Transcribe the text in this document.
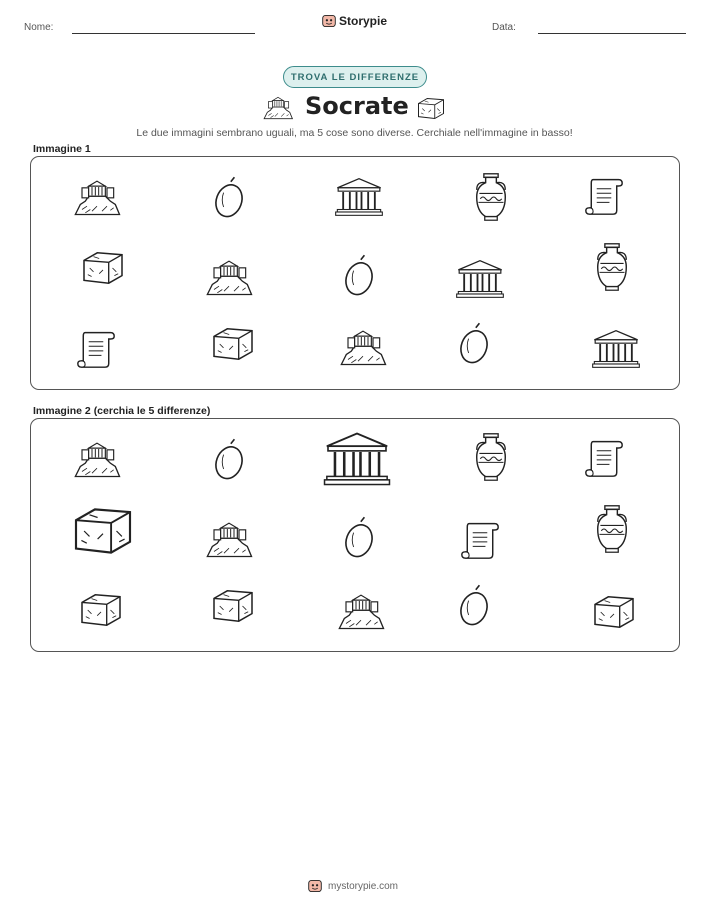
Nome:	Storypie	Data:
TROVA LE DIFFERENZE
Socrate

Le due immagini sembrano uguali, ma 5 cose sono diverse. Cerchiale nell'immagine in basso!

Immagine 1
Immagine 2 (cerchia le 5 differenze)
mystorypie.com
